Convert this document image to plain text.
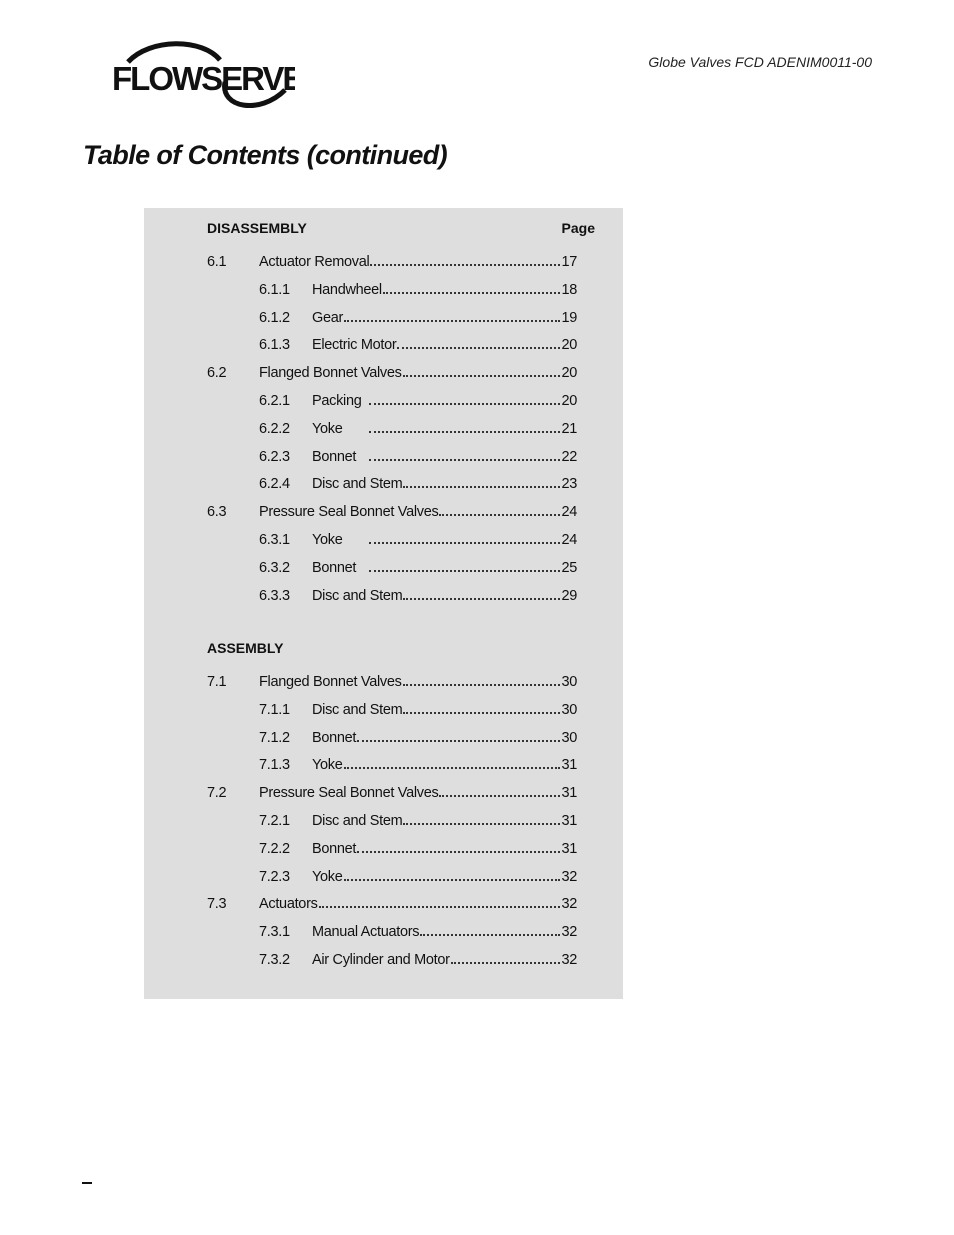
FLOWSERVE	Globe Valves FCD ADENIM0011-00
Table of Contents (continued)
DISASSEMBLY	Page
6.1 Actuator Removal	17
6.1.1 Handwheel	18
6.1.2 Gear	19
6.1.3 Electric Motor	20
6.2 Flanged Bonnet Valves	20
6.2.1 Packing	20
6.2.2 Yoke	21
6.2.3 Bonnet	22
6.2.4 Disc and Stem	23
6.3 Pressure Seal Bonnet Valves	24
6.3.1 Yoke	24
6.3.2 Bonnet	25
6.3.3 Disc and Stem	29
ASSEMBLY
7.1 Flanged Bonnet Valves	30
7.1.1 Disc and Stem	30
7.1.2 Bonnet	30
7.1.3 Yoke	31
7.2 Pressure Seal Bonnet Valves	31
7.2.1 Disc and Stem	31
7.2.2 Bonnet	31
7.2.3 Yoke	32
7.3 Actuators	32
7.3.1 Manual Actuators	32
7.3.2 Air Cylinder and Motor	32
